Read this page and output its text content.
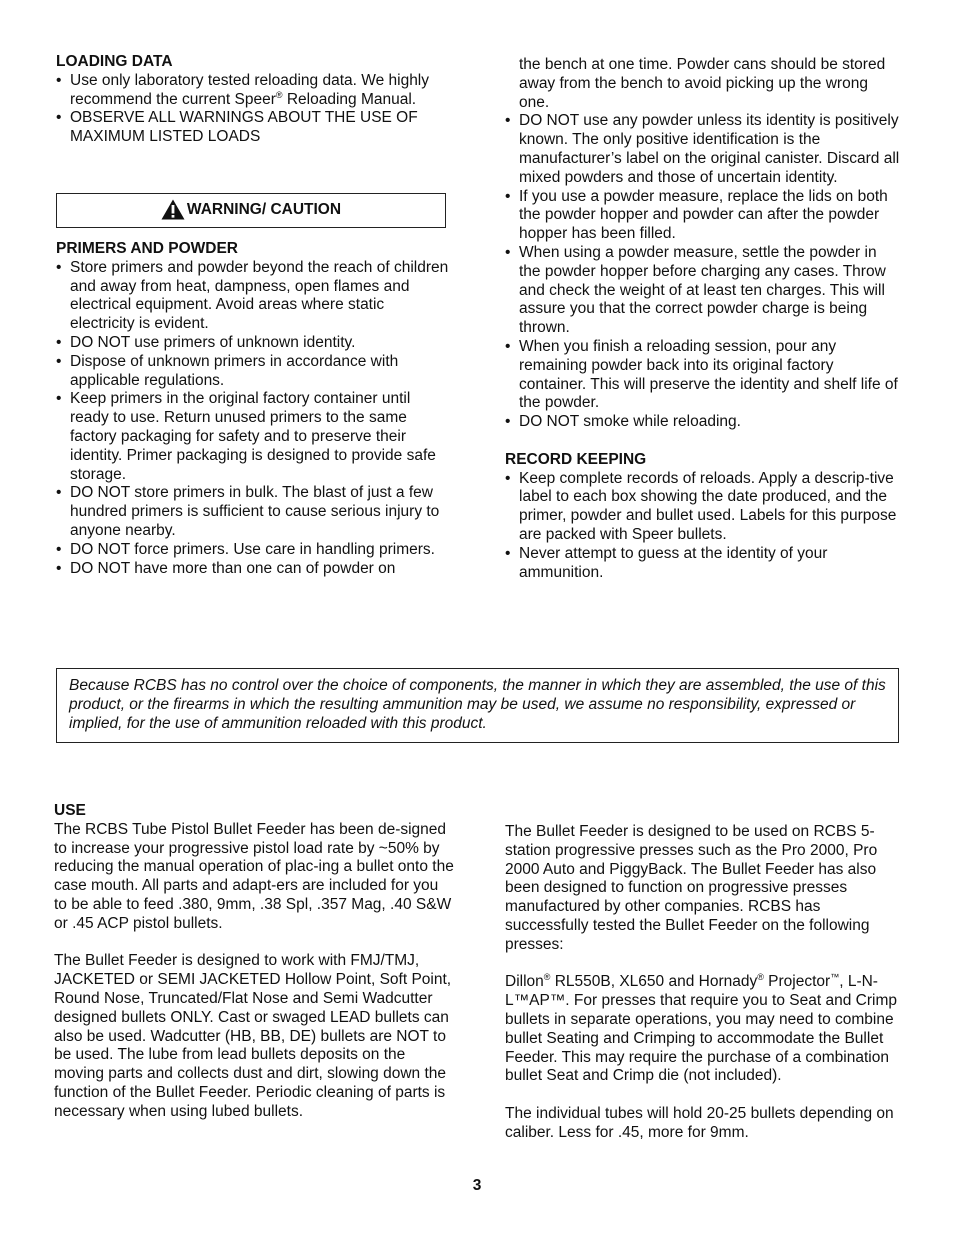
LOADING DATA
• Use only laboratory tested reloading data. We highly recommend the current Speer® Reloading Manual.
• OBSERVE ALL WARNINGS ABOUT THE USE OF MAXIMUM LISTED LOADS
WARNING/ CAUTION
PRIMERS AND POWDER
• Store primers and powder beyond the reach of children and away from heat, dampness, open flames and electrical equipment. Avoid areas where static electricity is evident.
• DO NOT use primers of unknown identity.
• Dispose of unknown primers in accordance with applicable regulations.
• Keep primers in the original factory container until ready to use. Return unused primers to the same factory packaging for safety and to preserve their identity. Primer packaging is designed to provide safe storage.
• DO NOT store primers in bulk. The blast of just a few hundred primers is sufficient to cause serious injury to anyone nearby.
• DO NOT force primers. Use care in handling primers.
• DO NOT have more than one can of powder on
the bench at one time. Powder cans should be stored away from the bench to avoid picking up the wrong one.
• DO NOT use any powder unless its identity is positively known. The only positive identification is the manufacturer’s label on the original canister. Discard all mixed powders and those of uncertain identity.
• If you use a powder measure, replace the lids on both the powder hopper and powder can after the powder hopper has been filled.
• When using a powder measure, settle the powder in the powder hopper before charging any cases. Throw and check the weight of at least ten charges. This will assure you that the correct powder charge is being thrown.
• When you finish a reloading session, pour any remaining powder back into its original factory container. This will preserve the identity and shelf life of the powder.
• DO NOT smoke while reloading.
RECORD KEEPING
• Keep complete records of reloads. Apply a descrip-tive label to each box showing the date produced, and the primer, powder and bullet used. Labels for this purpose are packed with Speer bullets.
• Never attempt to guess at the identity of your ammunition.
Because RCBS has no control over the choice of components, the manner in which they are assembled, the use of this product, or the firearms in which the resulting ammunition may be used, we assume no responsibility, expressed or implied, for the use of ammunition reloaded with this product.
USE

The RCBS Tube Pistol Bullet Feeder has been de-signed to increase your progressive pistol load rate by ~50% by reducing the manual operation of plac-ing a bullet onto the case mouth. All parts and adapt-ers are included for you to be able to feed .380, 9mm, .38 Spl, .357 Mag, .40 S&W or .45 ACP pistol bullets.

The Bullet Feeder is designed to work with FMJ/TMJ, JACKETED or SEMI JACKETED Hollow Point, Soft Point, Round Nose, Truncated/Flat Nose and Semi Wadcutter designed bullets ONLY. Cast or swaged LEAD bullets can also be used. Wadcutter (HB, BB, DE) bullets are NOT to be used. The lube from lead bullets deposits on the moving parts and collects dust and dirt, slowing down the function of the Bullet Feeder. Periodic cleaning of parts is necessary when using lubed bullets.

The Bullet Feeder is designed to be used on RCBS 5-station progressive presses such as the Pro 2000, Pro 2000 Auto and PiggyBack. The Bullet Feeder has also been designed to function on progressive presses manufactured by other companies. RCBS has successfully tested the Bullet Feeder on the following presses:

Dillon® RL550B, XL650 and Hornady® Projector™, L-N-L™AP™. For presses that require you to Seat and Crimp bullets in separate operations, you may need to combine bullet Seating and Crimping to accommodate the Bullet Feeder. This may require the purchase of a combination bullet Seat and Crimp die (not included).

The individual tubes will hold 20-25 bullets depending on caliber. Less for .45, more for 9mm.

3
